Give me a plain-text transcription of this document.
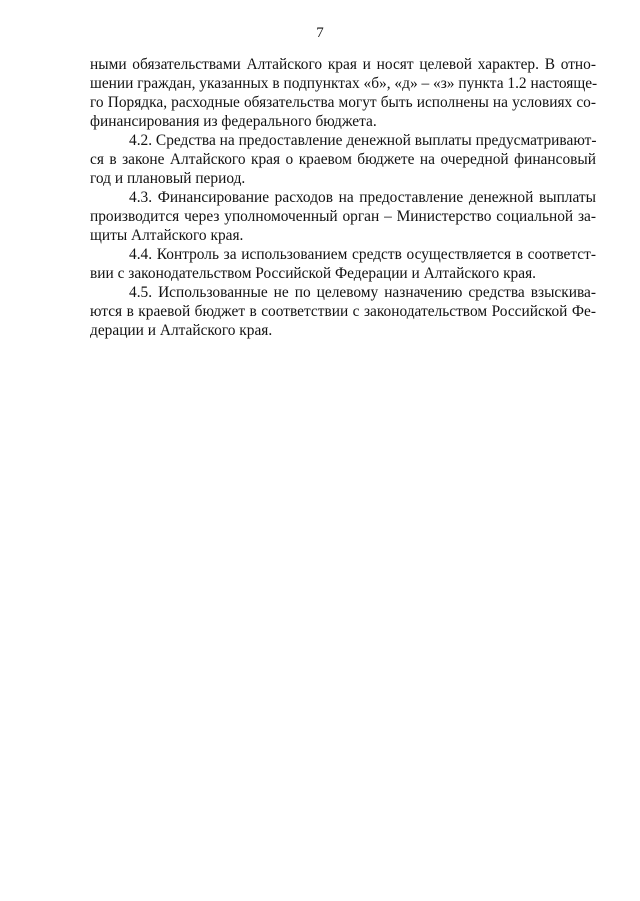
7

ными обязательствами Алтайского края и носят целевой характер. В отно-
шении граждан, указанных в подпунктах «б», «д» – «з» пункта 1.2 настояще-
го Порядка, расходные обязательства могут быть исполнены на условиях со-
финансирования из федерального бюджета.

4.2. Средства на предоставление денежной выплаты предусматривают-
ся в законе Алтайского края о краевом бюджете на очередной финансовый
год и плановый период.

4.3. Финансирование расходов на предоставление денежной выплаты
производится через уполномоченный орган – Министерство социальной за-
щиты Алтайского края.

4.4. Контроль за использованием средств осуществляется в соответст-
вии с законодательством Российской Федерации и Алтайского края.

4.5. Использованные не по целевому назначению средства взыскива-
ются в краевой бюджет в соответствии с законодательством Российской Фе-
дерации и Алтайского края.
